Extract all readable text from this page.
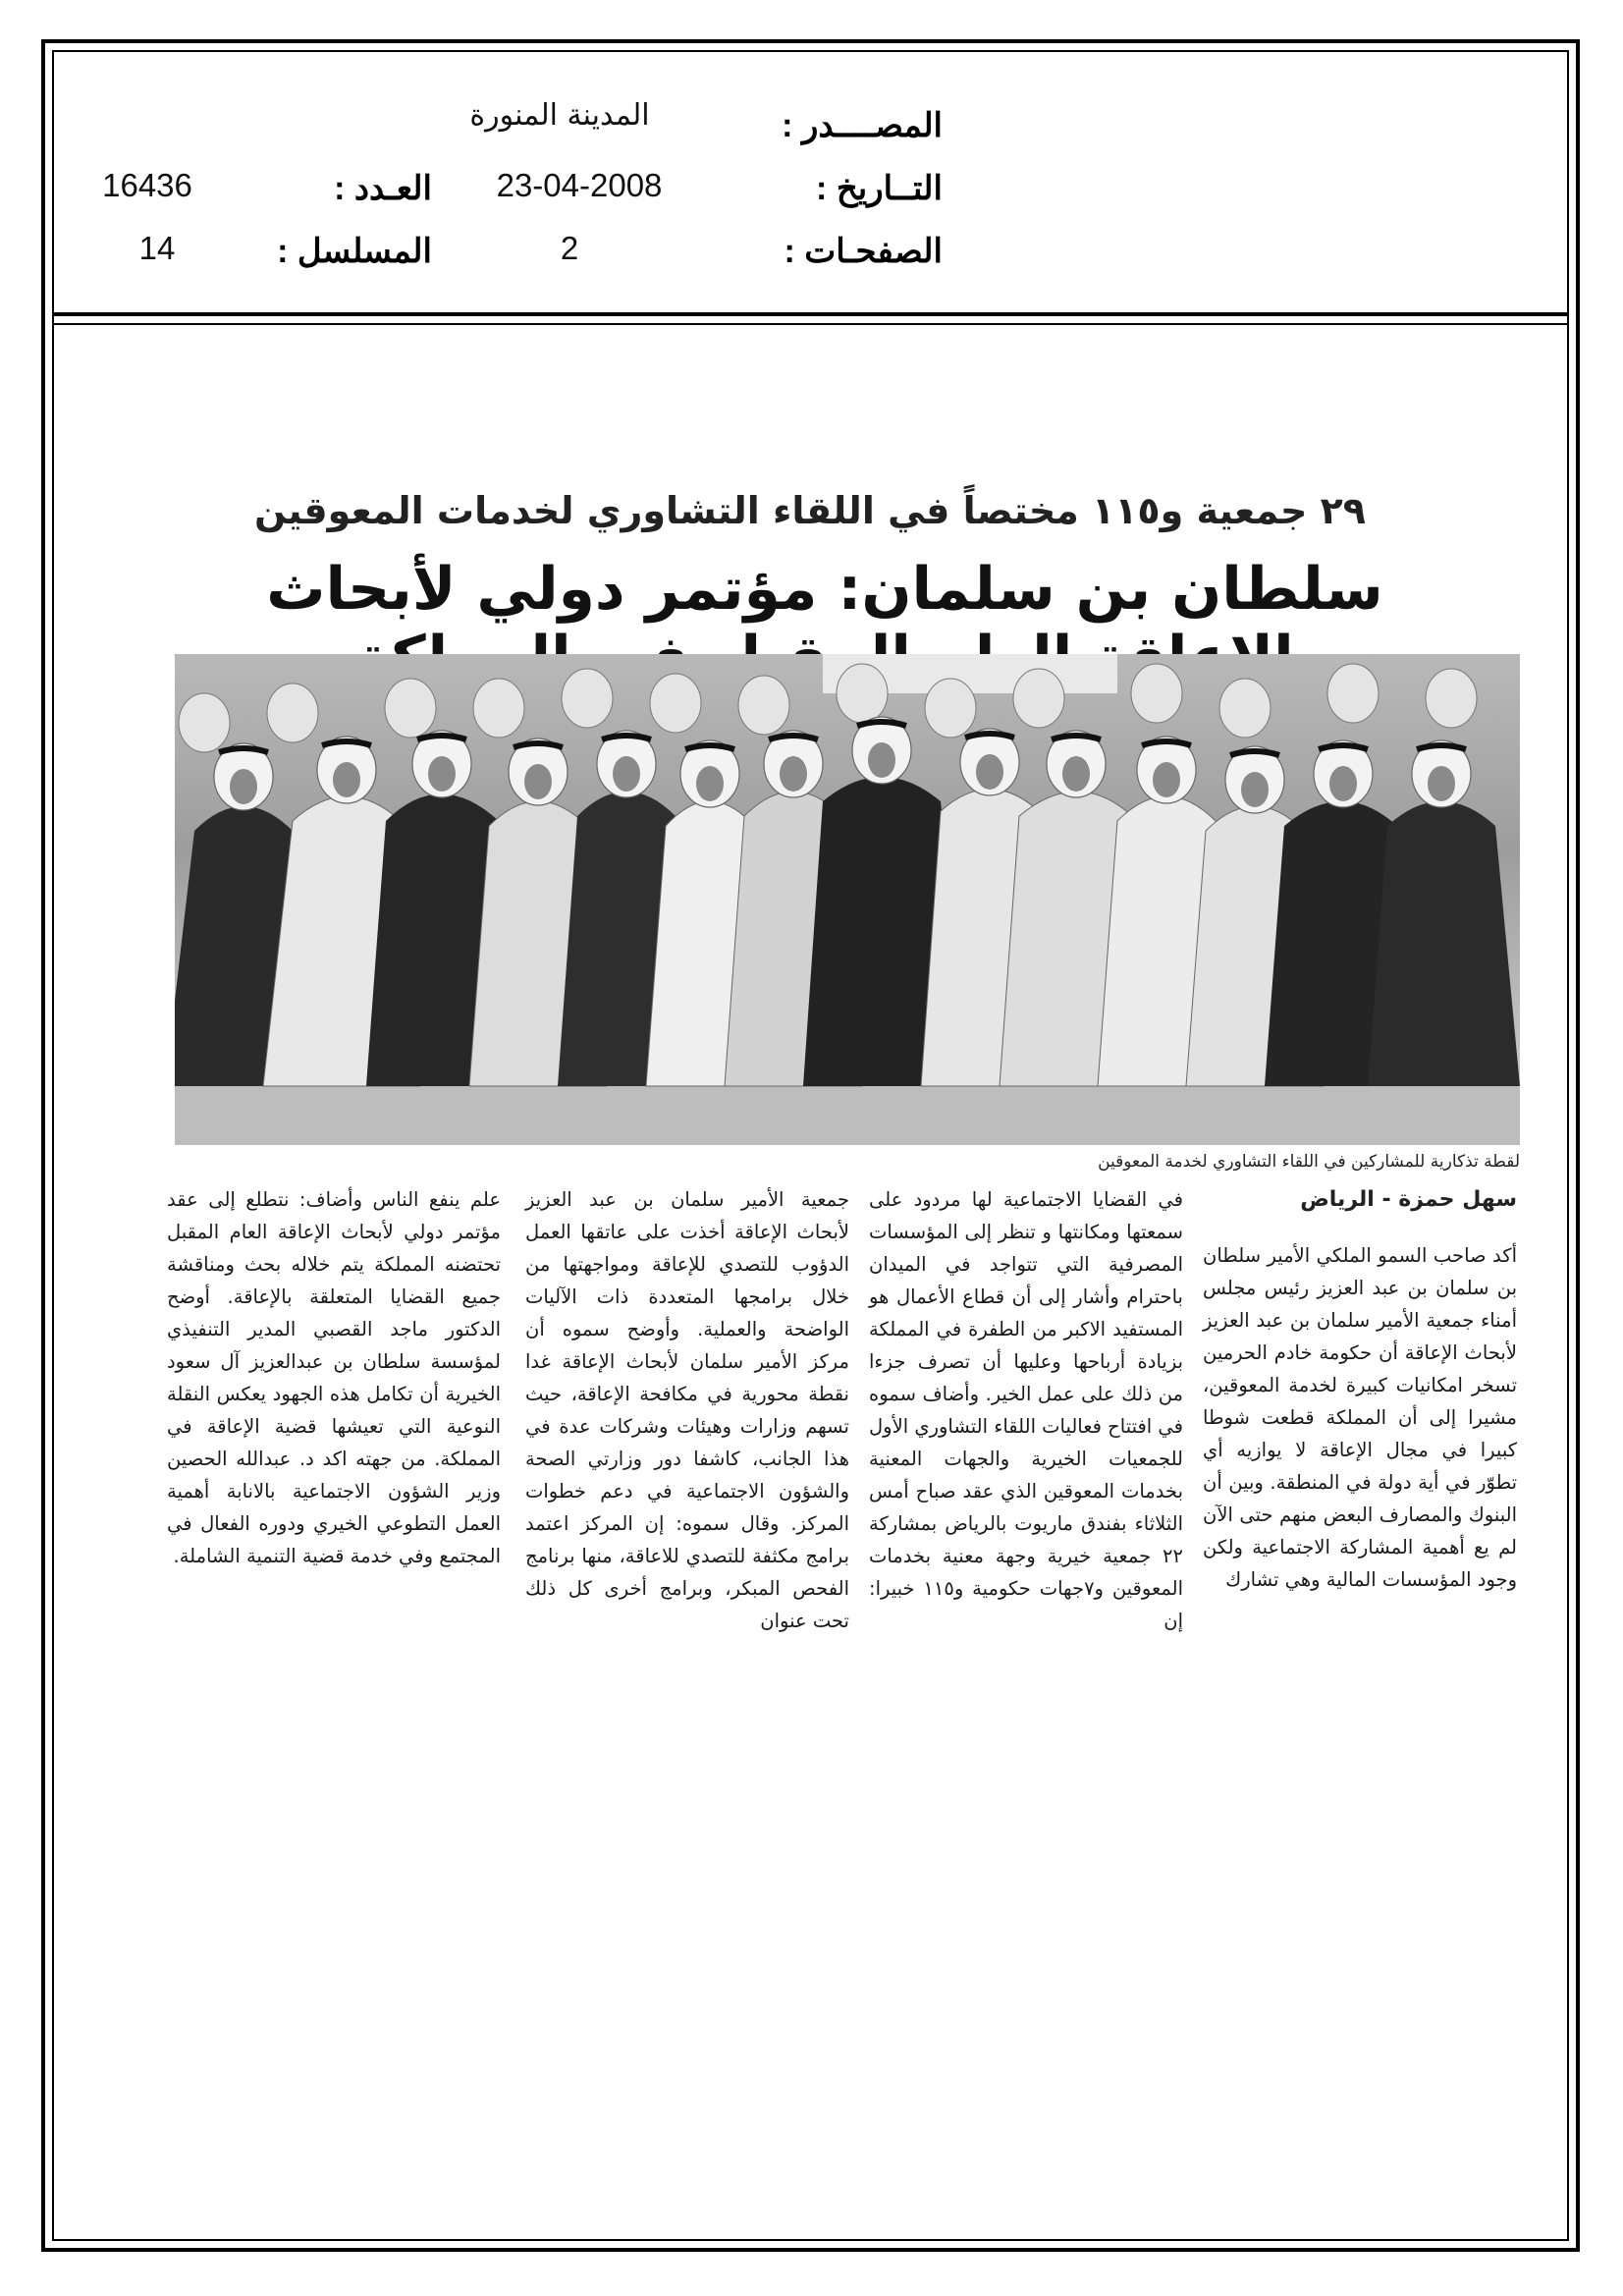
المصــــدر :
المدينة المنورة
التــاريخ :
23-04-2008
الصفحـات :
2
العـدد :
16436
المسلسل :
14
٢٩ جمعية و١١٥ مختصاً في اللقاء التشاوري لخدمات المعوقين
سلطان بن سلمان: مؤتمر دولي لأبحاث
لقطة تذكارية للمشاركين في اللقاء التشاوري لخدمة المعوقين

سهل حمزة - الرياض

أكد صاحب السمو الملكي الأمير سلطان بن سلمان بن عبد العزيز رئيس مجلس أمناء جمعية الأمير سلمان بن عبد العزيز لأبحاث الإعاقة أن حكومة خادم الحرمين تسخر امكانيات كبيرة لخدمة المعوقين، مشيرا إلى أن المملكة قطعت شوطا كبيرا في مجال الإعاقة لا يوازيه أي تطوّر في أية دولة في المنطقة. وبين أن البنوك والمصارف البعض منهم حتى الآن لم يع أهمية المشاركة الاجتماعية ولكن وجود المؤسسات المالية وهي تشارك

في القضايا الاجتماعية لها مردود على سمعتها ومكانتها و تنظر إلى المؤسسات المصرفية التي تتواجد في الميدان باحترام وأشار إلى أن قطاع الأعمال هو المستفيد الاكبر من الطفرة في المملكة بزيادة أرباحها وعليها أن تصرف جزءا من ذلك على عمل الخير. وأضاف سموه في افتتاح فعاليات اللقاء التشاوري الأول للجمعيات الخيرية والجهات المعنية بخدمات المعوقين الذي عقد صباح أمس الثلاثاء بفندق ماريوت بالرياض بمشاركة ٢٢ جمعية خيرية وجهة معنية بخدمات المعوقين و٧جهات حكومية و١١٥ خبيرا: إن

جمعية الأمير سلمان بن عبد العزيز لأبحاث الإعاقة أخذت على عاتقها العمل الدؤوب للتصدي للإعاقة ومواجهتها من خلال برامجها المتعددة ذات الآليات الواضحة والعملية. وأوضح سموه أن مركز الأمير سلمان لأبحاث الإعاقة غدا نقطة محورية في مكافحة الإعاقة، حيث تسهم وزارات وهيئات وشركات عدة في هذا الجانب، كاشفا دور وزارتي الصحة والشؤون الاجتماعية في دعم خطوات المركز. وقال سموه: إن المركز اعتمد برامج مكثفة للتصدي للاعاقة، منها برنامج الفحص المبكر، وبرامج أخرى كل ذلك تحت عنوان

علم ينفع الناس وأضاف: نتطلع إلى عقد مؤتمر دولي لأبحاث الإعاقة العام المقبل تحتضنه المملكة يتم خلاله بحث ومناقشة جميع القضايا المتعلقة بالإعاقة. أوضح الدكتور ماجد القصبي المدير التنفيذي لمؤسسة سلطان بن عبدالعزيز آل سعود الخيرية أن تكامل هذه الجهود يعكس النقلة النوعية التي تعيشها قضية الإعاقة في المملكة. من جهته اكد د. عبدالله الحصين وزير الشؤون الاجتماعية بالانابة أهمية العمل التطوعي الخيري ودوره الفعال في المجتمع وفي خدمة قضية التنمية الشاملة.
